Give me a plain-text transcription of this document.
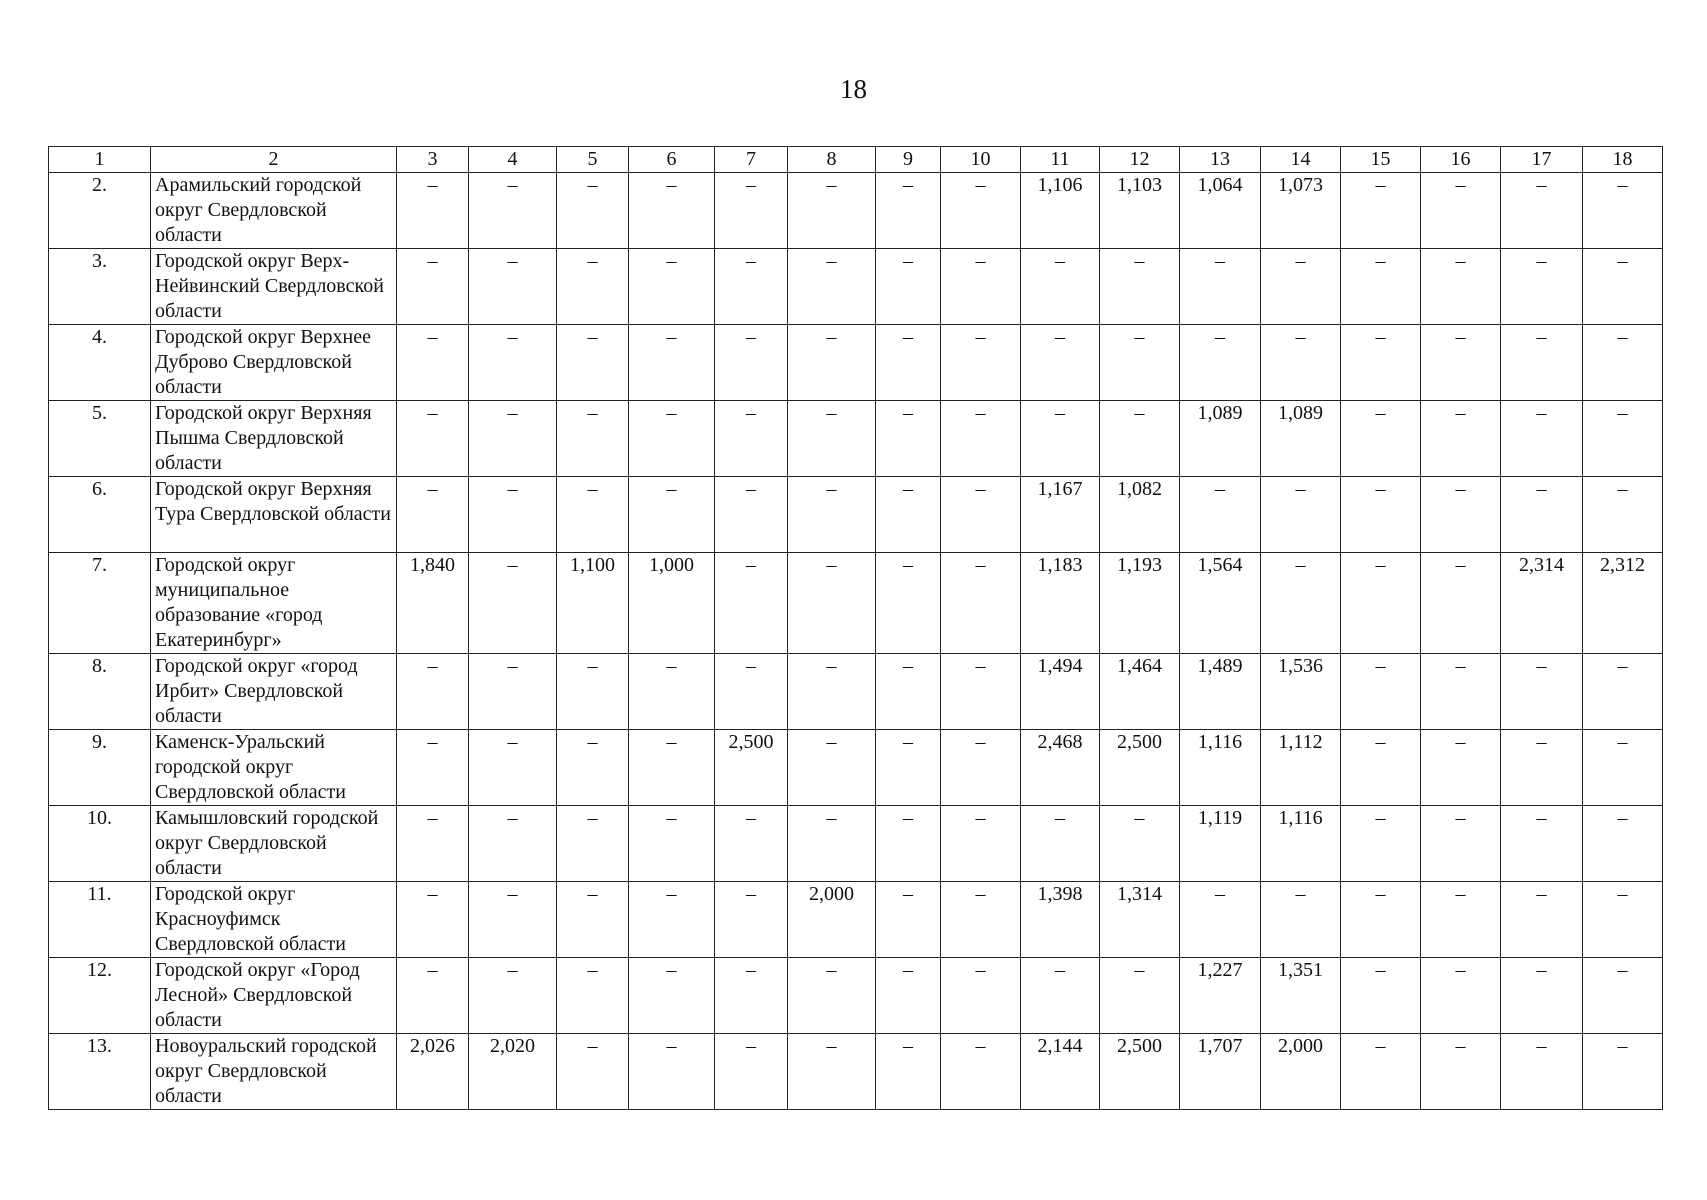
18
1	2	3	4	5	6	7	8	9	10	11	12	13	14	15	16	17	18
2.	Арамильский городской округ Свердловской области	–	–	–	–	–	–	–	–	1,106	1,103	1,064	1,073	–	–	–	–
3.	Городской округ Верх-Нейвинский Свердловской области	–	–	–	–	–	–	–	–	–	–	–	–	–	–	–	–
4.	Городской округ Верхнее Дуброво Свердловской области	–	–	–	–	–	–	–	–	–	–	–	–	–	–	–	–
5.	Городской округ Верхняя Пышма Свердловской области	–	–	–	–	–	–	–	–	–	–	1,089	1,089	–	–	–	–
6.	Городской округ Верхняя Тура Свердловской области	–	–	–	–	–	–	–	–	1,167	1,082	–	–	–	–	–	–
7.	Городской округ муниципальное образование «город Екатеринбург»	1,840	–	1,100	1,000	–	–	–	–	1,183	1,193	1,564	–	–	–	2,314	2,312
8.	Городской округ «город Ирбит» Свердловской области	–	–	–	–	–	–	–	–	1,494	1,464	1,489	1,536	–	–	–	–
9.	Каменск-Уральский городской округ Свердловской области	–	–	–	–	2,500	–	–	–	2,468	2,500	1,116	1,112	–	–	–	–
10.	Камышловский городской округ Свердловской области	–	–	–	–	–	–	–	–	–	–	1,119	1,116	–	–	–	–
11.	Городской округ Красноуфимск Свердловской области	–	–	–	–	–	2,000	–	–	1,398	1,314	–	–	–	–	–	–
12.	Городской округ «Город Лесной» Свердловской области	–	–	–	–	–	–	–	–	–	–	1,227	1,351	–	–	–	–
13.	Новоуральский городской округ Свердловской области	2,026	2,020	–	–	–	–	–	–	2,144	2,500	1,707	2,000	–	–	–	–
